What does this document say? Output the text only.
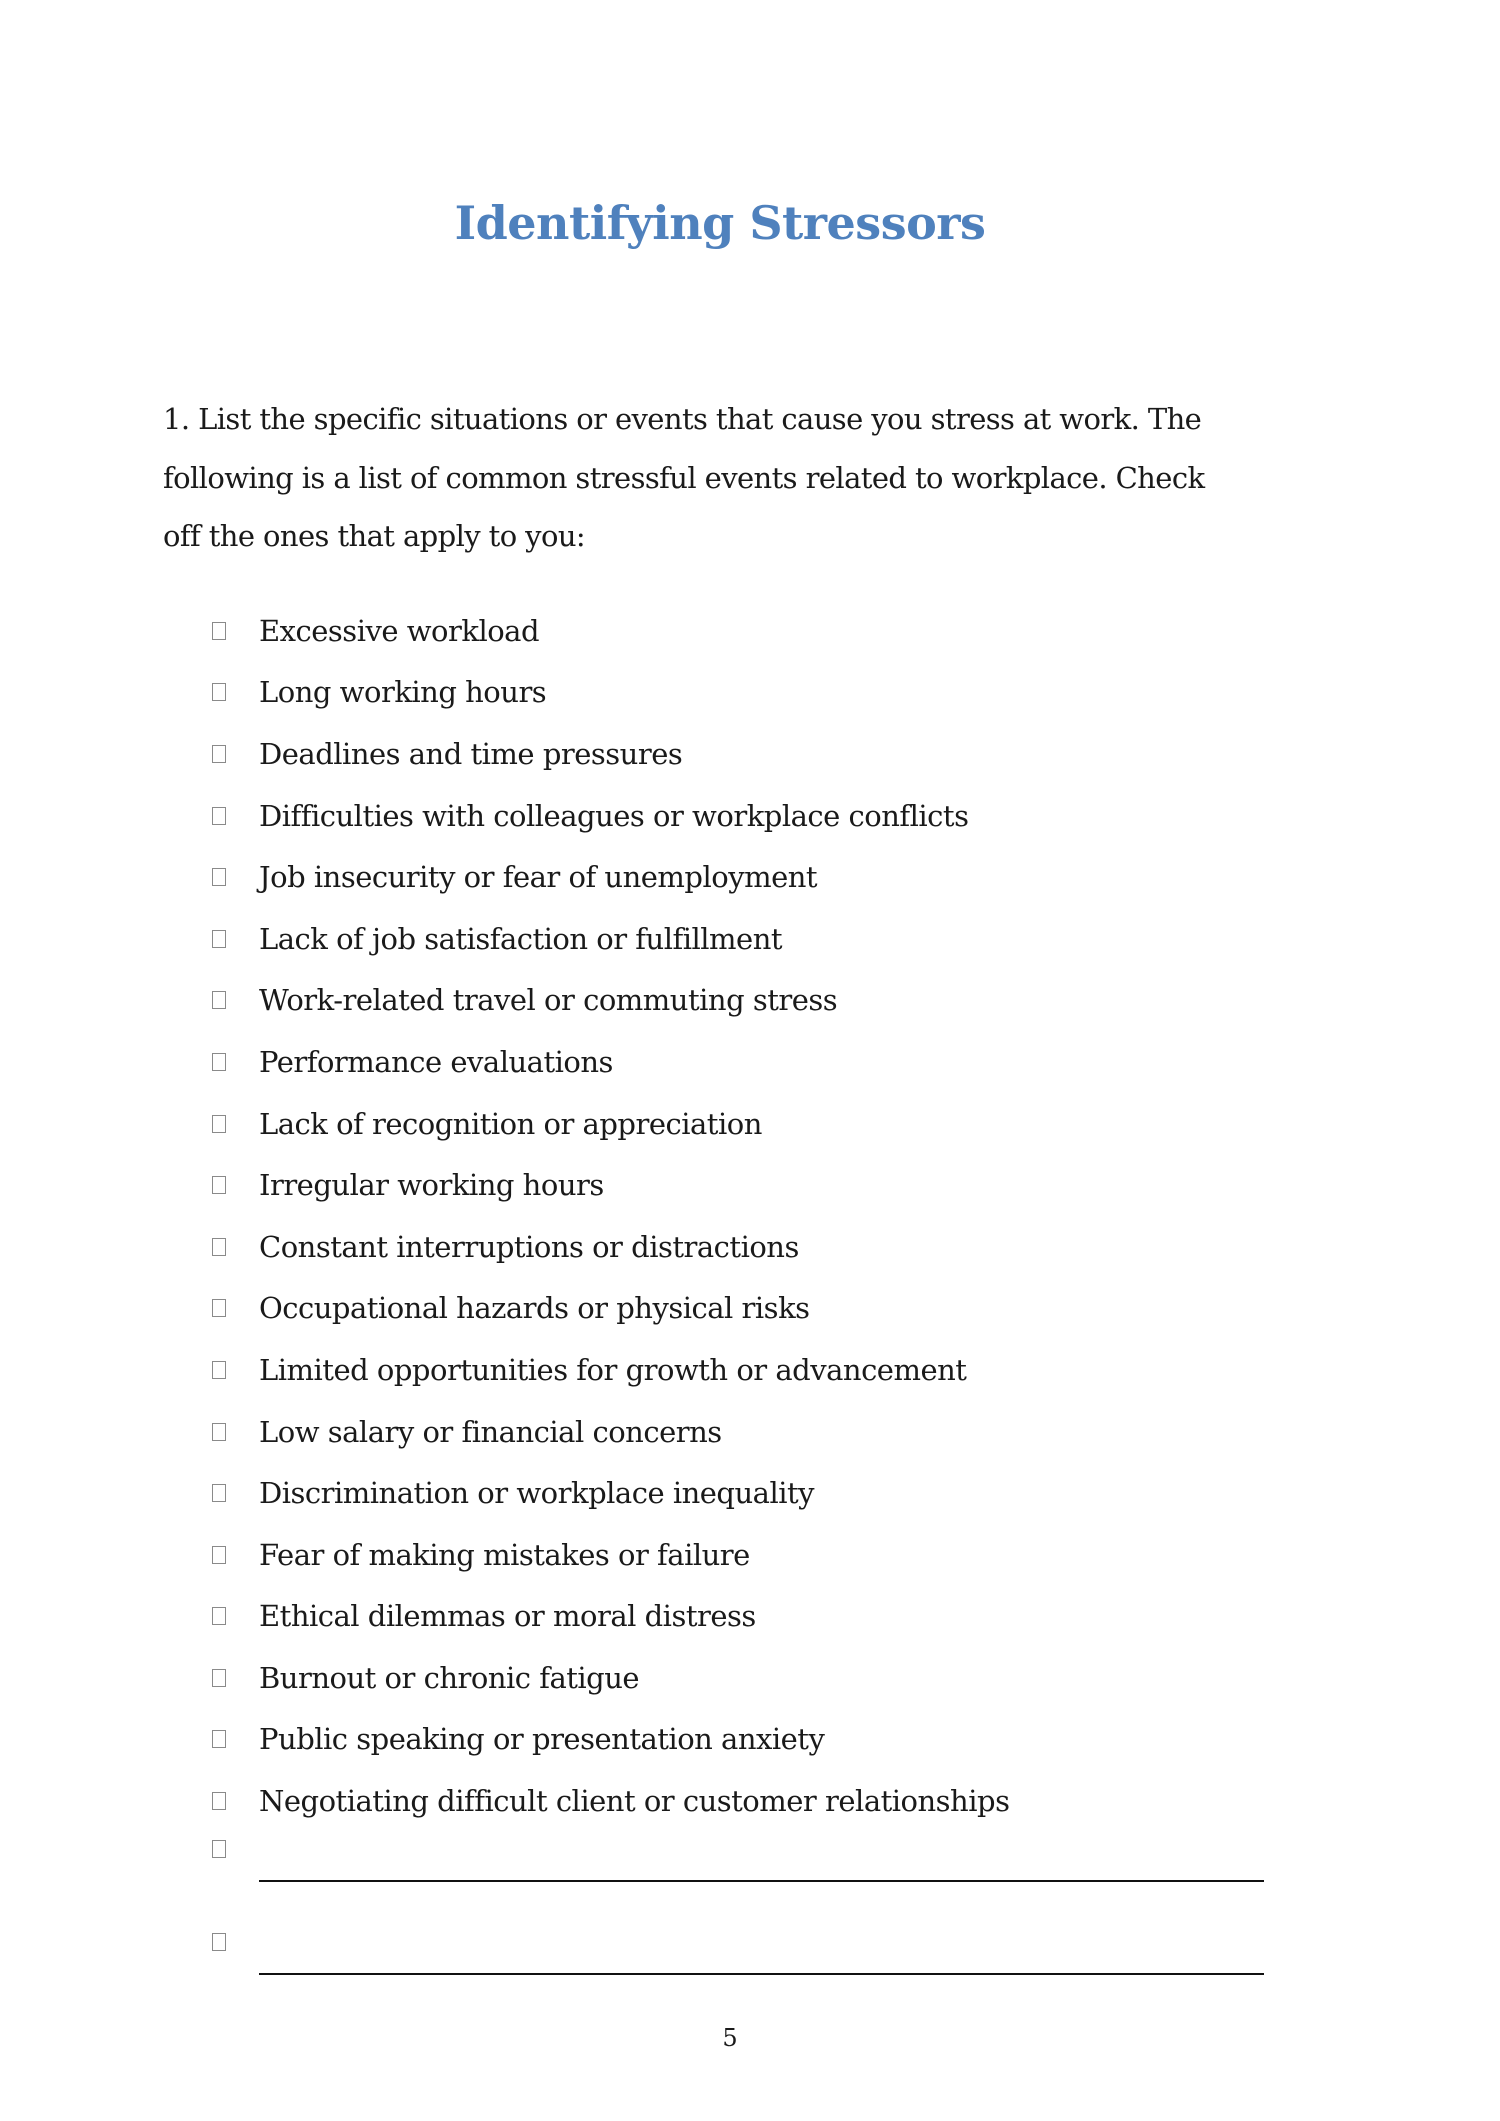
Identifying Stressors
1. List the specific situations or events that cause you stress at work. The
following is a list of common stressful events related to workplace. Check
off the ones that apply to you:
Excessive workload
Long working hours
Deadlines and time pressures
Difficulties with colleagues or workplace conflicts
Job insecurity or fear of unemployment
Lack of job satisfaction or fulfillment
Work-related travel or commuting stress
Performance evaluations
Lack of recognition or appreciation
Irregular working hours
Constant interruptions or distractions
Occupational hazards or physical risks
Limited opportunities for growth or advancement
Low salary or financial concerns
Discrimination or workplace inequality
Fear of making mistakes or failure
Ethical dilemmas or moral distress
Burnout or chronic fatigue
Public speaking or presentation anxiety
Negotiating difficult client or customer relationships
5
